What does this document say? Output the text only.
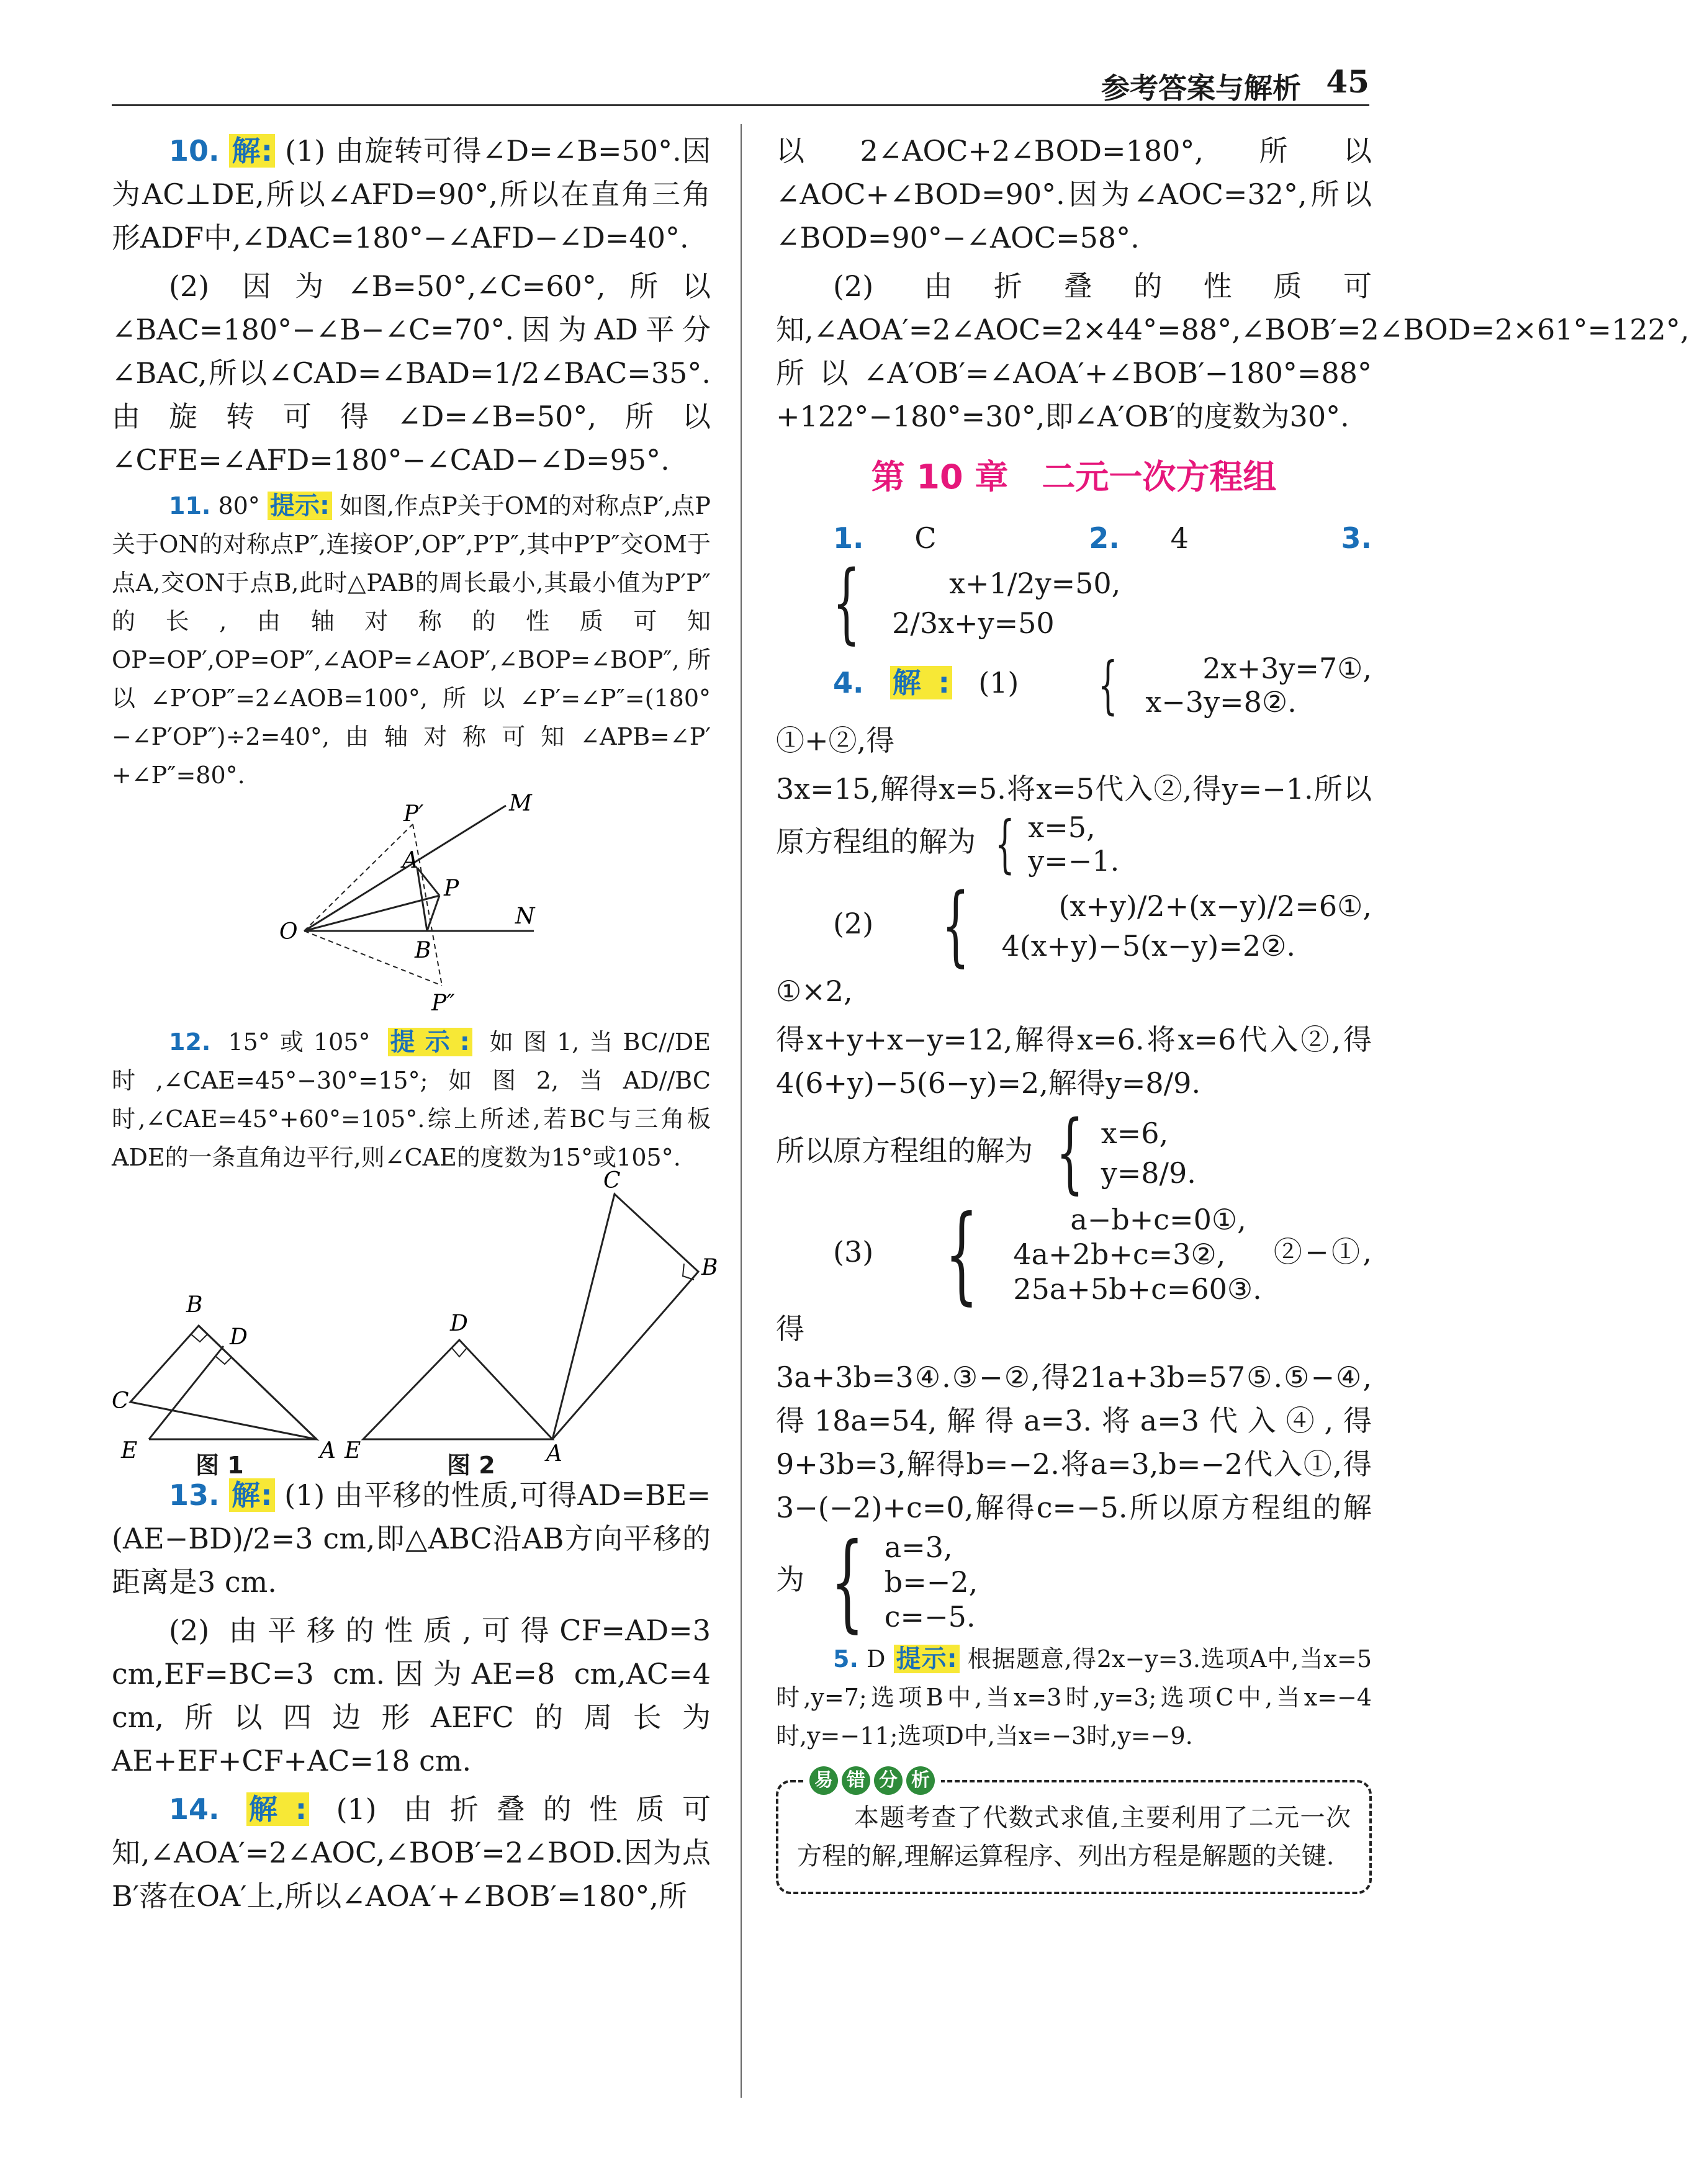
参考答案与解析 45

10. 解: (1) 由旋转可得∠D=∠B=50°.因为AC⊥DE,所以∠AFD=90°,所以在直角三角形ADF中,∠DAC=180°−∠AFD−∠D=40°.

(2) 因为∠B=50°,∠C=60°,所以∠BAC=180°−∠B−∠C=70°.因为AD平分∠BAC,所以∠CAD=∠BAD=1/2∠BAC=35°.由旋转可得∠D=∠B=50°,所以∠CFE=∠AFD=180°−∠CAD−∠D=95°.

11. 80° 提示: 如图,作点P关于OM的对称点P′,点P关于ON的对称点P″,连接OP′,OP″,P′P″,其中P′P″交OM于点A,交ON于点B,此时△PAB的周长最小,其最小值为P′P″的长,由轴对称的性质可知OP=OP′,OP=OP″,∠AOP=∠AOP′,∠BOP=∠BOP″,所以∠P′OP″=2∠AOB=100°,所以∠P′=∠P″=(180°−∠P′OP″)÷2=40°,由轴对称可知∠APB=∠P′+∠P″=80°.

P′	M
A
P
O
N
B
P″

12. 15°或105° 提示: 如图1,当BC//DE时,∠CAE=45°−30°=15°;如图2,当AD//BC时,∠CAE=45°+60°=105°.综上所述,若BC与三角板ADE的一条直角边平行,则∠CAE的度数为15°或105°.

B
D
C
E	A
D
C
B
E	A
图 1	图 2

13. 解: (1) 由平移的性质,可得AD=BE=(AE−BD)/2=3 cm,即△ABC沿AB方向平移的距离是3 cm.

(2) 由平移的性质,可得CF=AD=3 cm,EF=BC=3 cm.因为AE=8 cm,AC=4 cm,所以四边形AEFC的周长为AE+EF+CF+AC=18 cm.

14. 解: (1) 由折叠的性质可知,∠AOA′=2∠AOC,∠BOB′=2∠BOD.因为点B′落在OA′上,所以∠AOA′+∠BOB′=180°,所

以2∠AOC+2∠BOD=180°,所以∠AOC+∠BOD=90°.因为∠AOC=32°,所以∠BOD=90°−∠AOC=58°.

(2) 由折叠的性质可知,∠AOA′=2∠AOC=2×44°=88°,∠BOB′=2∠BOD=2×61°=122°,所以∠A′OB′=∠AOA′+∠BOB′−180°=88°+122°−180°=30°,即∠A′OB′的度数为30°.

第 10 章　二元一次方程组

1. C	2. 4	3.
{	x+1/2y=50,
2/3x+y=50

4. 解: (1)	{	2x+3y=7①,
x−3y=8②.
①+②,得

3x=15,解得x=5.将x=5代入②,得y=−1.所以原方程组的解为 { x=5,
y=−1.

(2) {	(x+y)/2+(x−y)/2=6①,
4(x+y)−5(x−y)=2②.
①×2,

得x+y+x−y=12,解得x=6.将x=6代入②,得4(6+y)−5(6−y)=2,解得y=8/9.

所以原方程组的解为 { x=6,
y=8/9.

(3) {	a−b+c=0①,
4a+2b+c=3②,
25a+5b+c=60③.
②−①,得

3a+3b=3④.③−②,得21a+3b=57⑤.⑤−④,得18a=54,解得a=3.将a=3代入④,得9+3b=3,解得b=−2.将a=3,b=−2代入①,得3−(−2)+c=0,解得c=−5.所以原方程组的解为 { a=3,
b=−2,
c=−5.

5. D 提示: 根据题意,得2x−y=3.选项A中,当x=5时,y=7;选项B中,当x=3时,y=3;选项C中,当x=−4时,y=−11;选项D中,当x=−3时,y=−9.

易 错 分 析

本题考查了代数式求值,主要利用了二元一次方程的解,理解运算程序、列出方程是解题的关键.
